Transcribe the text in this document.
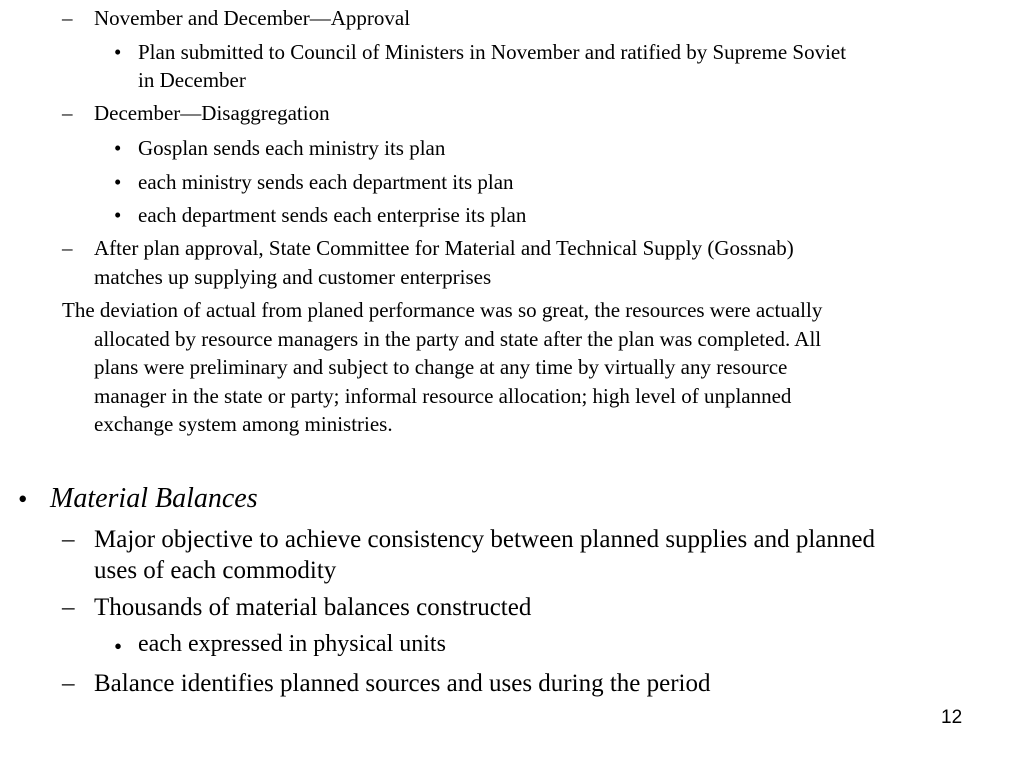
– November and December—Approval
• Plan submitted to Council of Ministers in November and ratified by Supreme Soviet
in December
– December—Disaggregation
• Gosplan sends each ministry its plan
• each ministry sends each department its plan
• each department sends each enterprise its plan
– After plan approval, State Committee for Material and Technical Supply (Gossnab)
matches up supplying and customer enterprises
The deviation of actual from planed performance was so great, the resources were actually
allocated by resource managers in the party and state after the plan was completed. All
plans were preliminary and subject to change at any time by virtually any resource
manager in the state or party; informal resource allocation; high level of unplanned
exchange system among ministries.
• Material Balances
– Major objective to achieve consistency between planned supplies and planned
uses of each commodity
– Thousands of material balances constructed
• each expressed in physical units
– Balance identifies planned sources and uses during the period
12
